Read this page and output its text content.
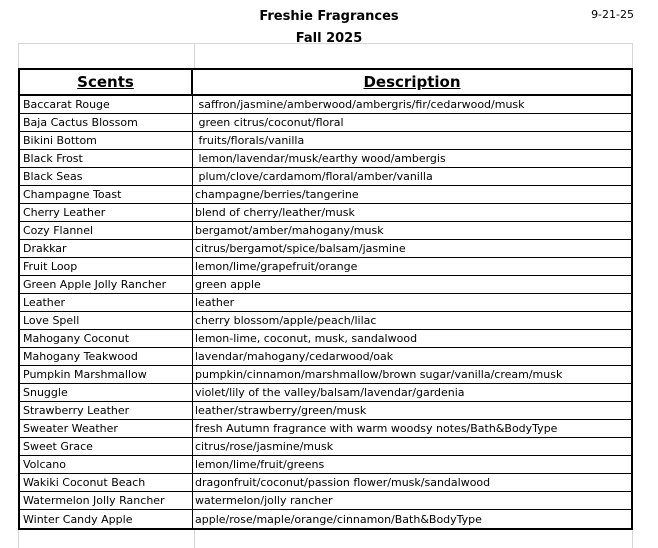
Freshie Fragrances
Fall 2025
9-21-25
Scents	Description
Baccarat Rouge	saffron/jasmine/amberwood/ambergris/fir/cedarwood/musk
Baja Cactus Blossom	green citrus/coconut/floral
Bikini Bottom	fruits/florals/vanilla
Black Frost	lemon/lavendar/musk/earthy wood/ambergis
Black Seas	plum/clove/cardamom/floral/amber/vanilla
Champagne Toast	champagne/berries/tangerine
Cherry Leather	blend of cherry/leather/musk
Cozy Flannel	bergamot/amber/mahogany/musk
Drakkar	citrus/bergamot/spice/balsam/jasmine
Fruit Loop	lemon/lime/grapefruit/orange
Green Apple Jolly Rancher	green apple
Leather	leather
Love Spell	cherry blossom/apple/peach/lilac
Mahogany Coconut	lemon-lime, coconut, musk, sandalwood
Mahogany Teakwood	lavendar/mahogany/cedarwood/oak
Pumpkin Marshmallow	pumpkin/cinnamon/marshmallow/brown sugar/vanilla/cream/musk
Snuggle	violet/lily of the valley/balsam/lavendar/gardenia
Strawberry Leather	leather/strawberry/green/musk
Sweater Weather	fresh Autumn fragrance with warm woodsy notes/Bath&BodyType
Sweet Grace	citrus/rose/jasmine/musk
Volcano	lemon/lime/fruit/greens
Wakiki Coconut Beach	dragonfruit/coconut/passion flower/musk/sandalwood
Watermelon Jolly Rancher	watermelon/jolly rancher
Winter Candy Apple	apple/rose/maple/orange/cinnamon/Bath&BodyType
